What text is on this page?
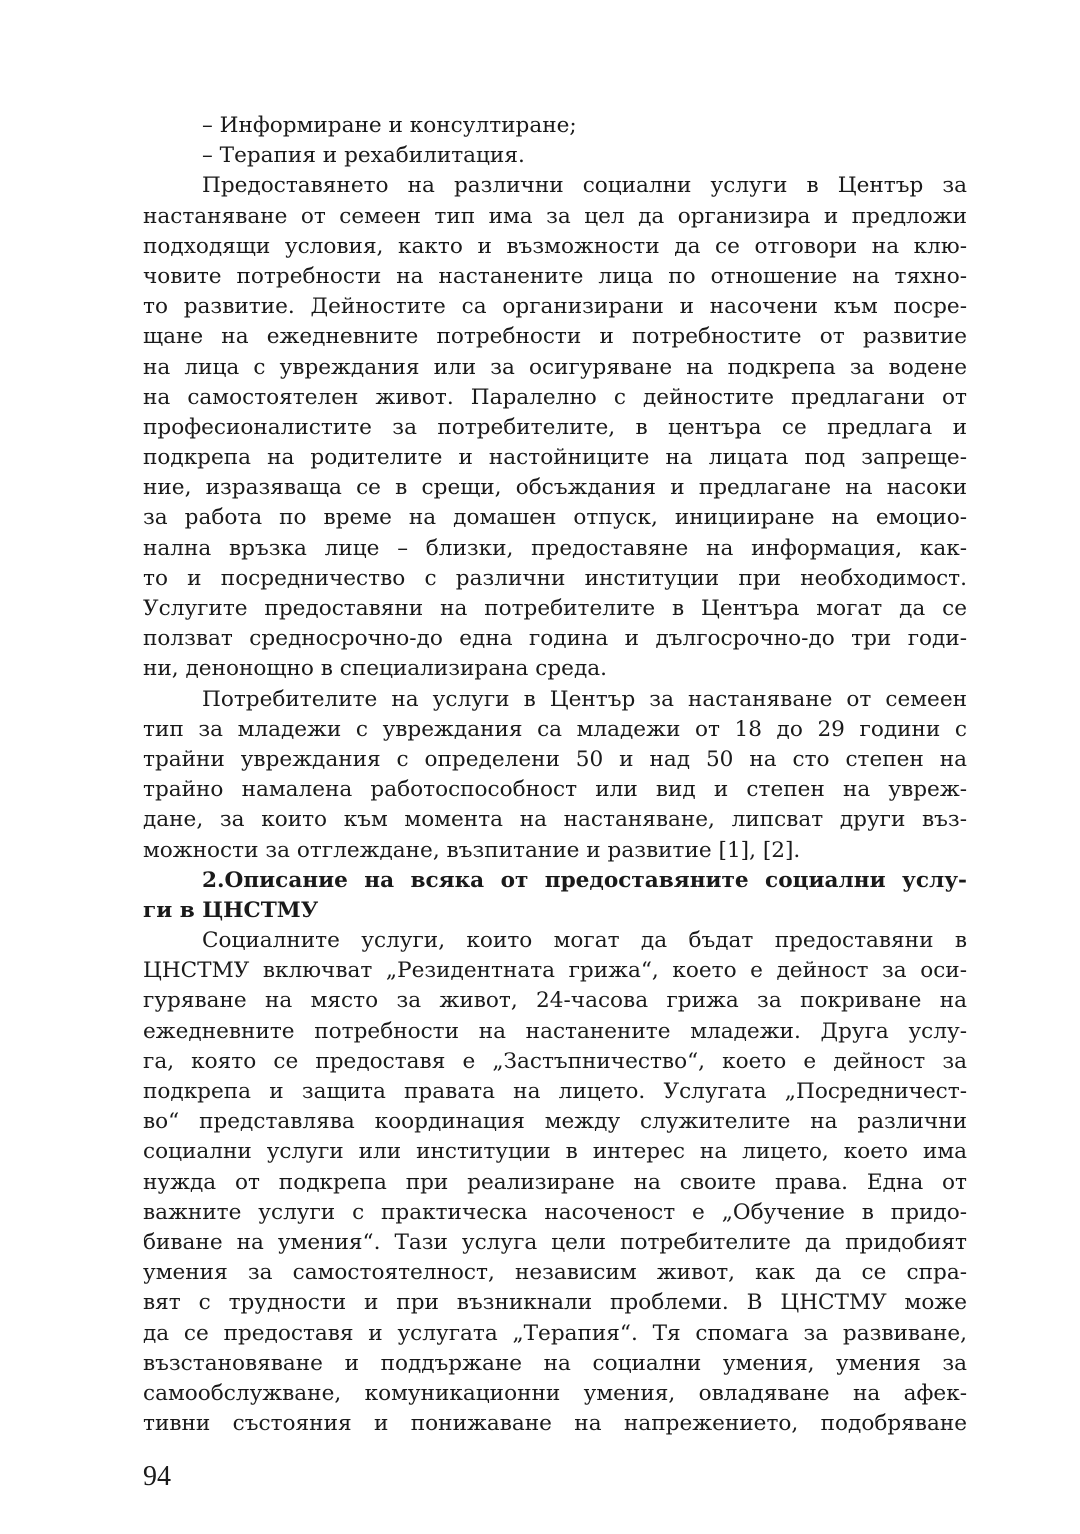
– Информиране и консултиране;
– Терапия и рехабилитация.
Предоставянето на различни социални услуги в Център за
настаняване от семеен тип има за цел да организира и предложи
подходящи условия, както и възможности да се отговори на клю-
човите потребности на настанените лица по отношение на тяхно-
то развитие. Дейностите са организирани и насочени към посре-
щане на ежедневните потребности и потребностите от развитие
на лица с увреждания или за осигуряване на подкрепа за водене
на самостоятелен живот. Паралелно с дейностите предлагани от
професионалистите за потребителите, в центъра се предлага и
подкрепа на родителите и настойниците на лицата под запреще-
ние, изразяваща се в срещи, обсъждания и предлагане на насоки
за работа по време на домашен отпуск, иницииране на емоцио-
нална връзка лице – близки, предоставяне на информация, как-
то и посредничество с различни институции при необходимост.
Услугите предоставяни на потребителите в Центъра могат да се
ползват средносрочно-до една година и дългосрочно-до три годи-
ни, денонощно в специализирана среда.
Потребителите на услуги в Център за настаняване от семеен
тип за младежи с увреждания са младежи от 18 до 29 години с
трайни увреждания с определени 50 и над 50 на сто степен на
трайно намалена работоспособност или вид и степен на увреж-
дане, за които към момента на настаняване, липсват други въз-
можности за отглеждане, възпитание и развитие [1], [2].
2.Описание на всяка от предоставяните социални услу-
ги в ЦНСТМУ
Социалните услуги, които могат да бъдат предоставяни в
ЦНСТМУ включват „Резидентната грижа“, което е дейност за оси-
гуряване на място за живот, 24-часова грижа за покриване на
ежедневните потребности на настанените младежи. Друга услу-
га, която се предоставя е „Застъпничество“, което е дейност за
подкрепа и защита правата на лицето. Услугата „Посредничест-
во“ представлява координация между служителите на различни
социални услуги или институции в интерес на лицето, което има
нужда от подкрепа при реализиране на своите права. Една от
важните услуги с практическа насоченост е „Обучение в придо-
биване на умения“. Тази услуга цели потребителите да придобият
умения за самостоятелност, независим живот, как да се спра-
вят с трудности и при възникнали проблеми. В ЦНСТМУ може
да се предоставя и услугата „Терапия“. Тя спомага за развиване,
възстановяване и поддържане на социални умения, умения за
самообслужване, комуникационни умения, овладяване на афек-
тивни състояния и понижаване на напрежението, подобряване
94
